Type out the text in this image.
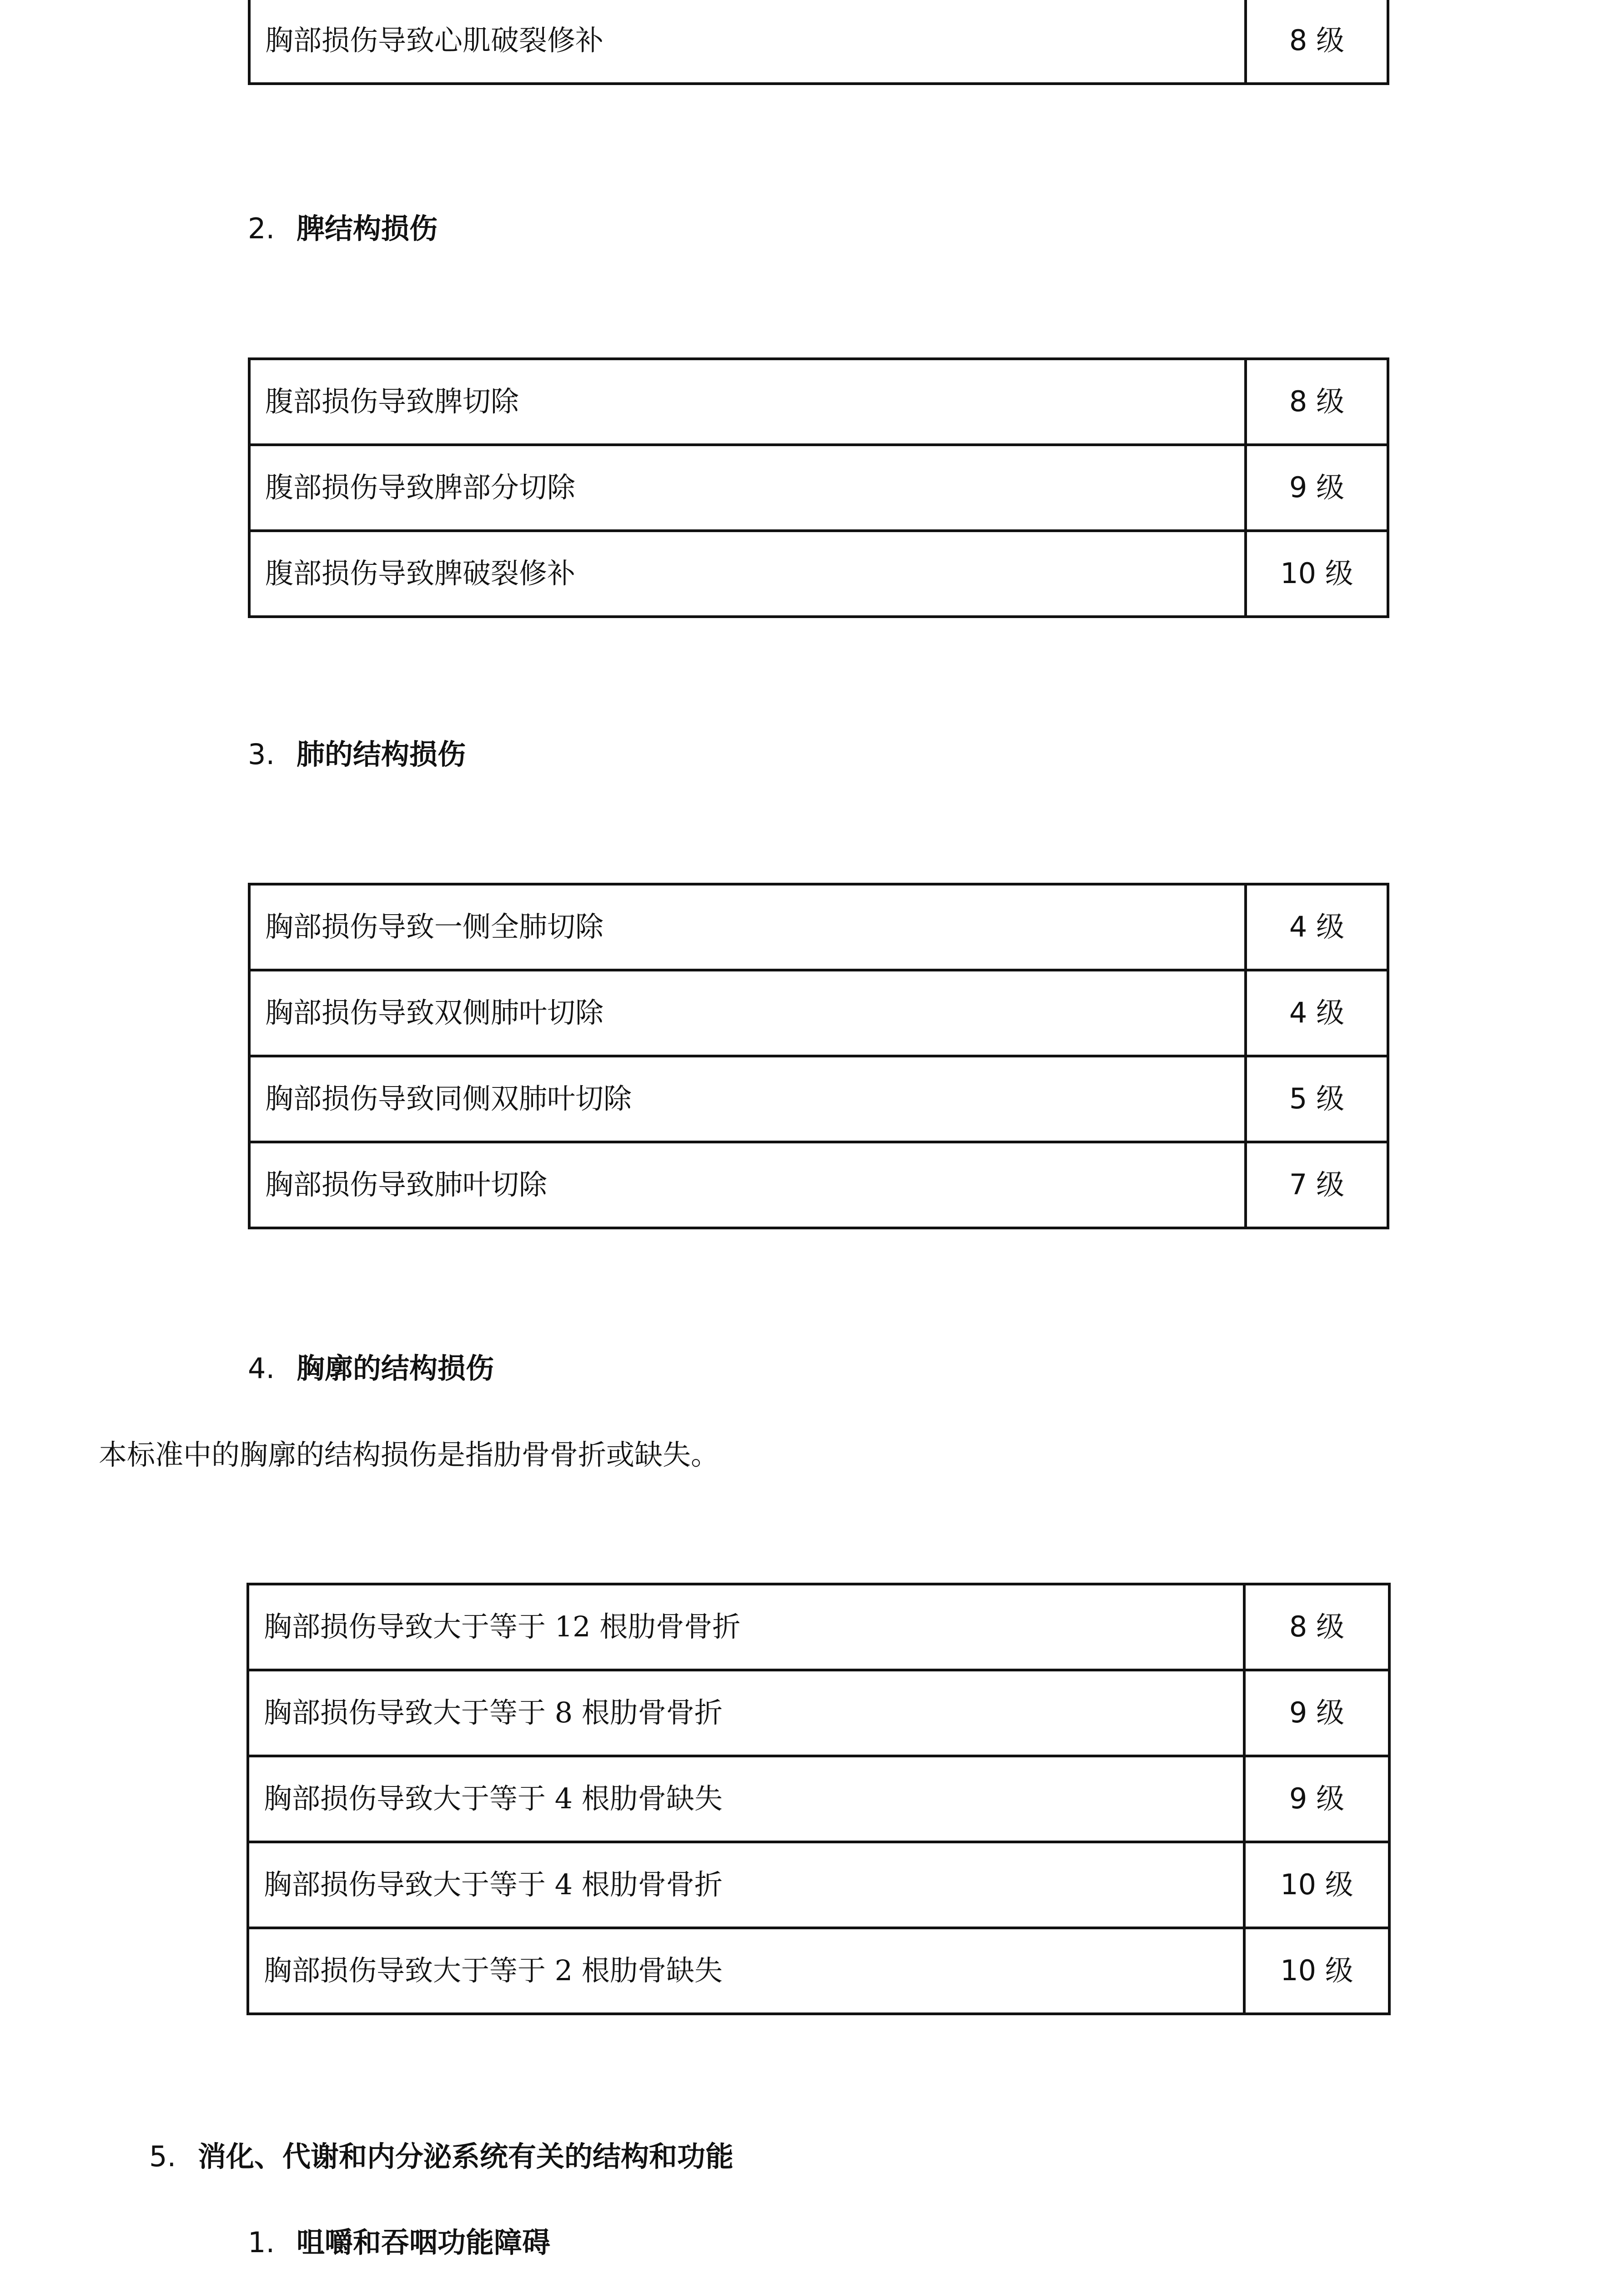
胸部损伤导致心肌破裂修补	8 级
2. 脾结构损伤
腹部损伤导致脾切除	8 级
腹部损伤导致脾部分切除	9 级
腹部损伤导致脾破裂修补	10 级
3. 肺的结构损伤
胸部损伤导致一侧全肺切除	4 级
胸部损伤导致双侧肺叶切除	4 级
胸部损伤导致同侧双肺叶切除	5 级
胸部损伤导致肺叶切除	7 级
4. 胸廓的结构损伤
本标准中的胸廓的结构损伤是指肋骨骨折或缺失。
胸部损伤导致大于等于 12 根肋骨骨折	8 级
胸部损伤导致大于等于 8 根肋骨骨折	9 级
胸部损伤导致大于等于 4 根肋骨缺失	9 级
胸部损伤导致大于等于 4 根肋骨骨折	10 级
胸部损伤导致大于等于 2 根肋骨缺失	10 级
5. 消化、代谢和内分泌系统有关的结构和功能
1. 咀嚼和吞咽功能障碍
